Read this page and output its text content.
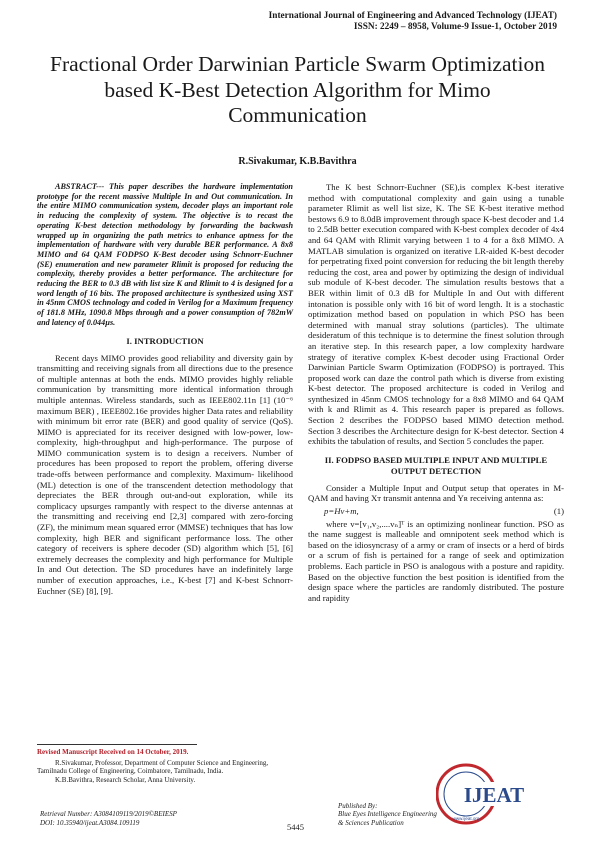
International Journal of Engineering and Advanced Technology (IJEAT)
ISSN: 2249 – 8958, Volume-9 Issue-1, October 2019
Fractional Order Darwinian Particle Swarm Optimization based K-Best Detection Algorithm for Mimo Communication
R.Sivakumar, K.B.Bavithra

ABSTRACT--- This paper describes the hardware implementation prototype for the recent massive Multiple In and Out communication. In the entire MIMO communication system, decoder plays an important role in reducing the complexity of system. The objective is to recast the operating K-best detection methodology by forwarding the backwash wrapped up in organizing the path metrics to enhance aptness for the implementation of hardware with very durable BER performance. A 8x8 MIMO and 64 QAM FODPSO K-Best decoder using Schnorr-Euchner (SE) enumeration and new parameter Rlimit is proposed for reducing the complexity, thereby provides a better performance. The architecture for reducing the BER to 0.3 dB with list size K and Rlimit to 4 is designed for a word length of 16 bits. The proposed architecture is synthesized using XST in 45nm CMOS technology and coded in Verilog for a Maximum frequency of 181.8 MHz, 1090.8 Mbps through and a power consumption of 782mW and latency of 0.044µs.

I. INTRODUCTION

Recent days MIMO provides good reliability and diversity gain by transmitting and receiving signals from all directions due to the presence of multiple antennas at both the ends. MIMO provides highly reliable communication by transmitting more identical information through multiple antennas. Wireless standards, such as IEEE802.11n [1] (10⁻⁶ maximum BER) , IEEE802.16e provides higher Data rates and reliability with minimum bit error rate (BER) and good quality of service (QoS). MIMO is appreciated for its receiver designed with low-power, low-complexity, high-throughput and high-performance. The purpose of MIMO communication system is to design a receivers. Number of procedures has been proposed to report the problem, offering diverse trade-offs between performance and complexity. Maximum- likelihood (ML) detection is one of the transcendent detection methodology that depreciates the BER through out-and-out exploration, while its complicacy upsurges rampantly with respect to the diverse antennas at the transmitting and receiving end [2,3] compared with zero-forcing (ZF), the minimum mean squared error (MMSE) techniques that has low complexity, high BER and significant performance loss. The other category of receivers is sphere decoder (SD) algorithm which [5], [6] extremely decreases the complexity and high performance for Multiple In and Out detection. The SD procedures have an indefinitely large number of execution approaches, i.e., K-best [7] and K-best Schnorr-Euchner (SE) [8], [9].

The K best Schnorr-Euchner (SE),is complex K-best iterative method with computational complexity and gain using a tunable parameter Rlimit as well list size, K. The SE K-best iterative method bestows 6.9 to 8.0dB improvement through space K-best decoder and 1.4 to 2.5dB better execution compared with K-best complex decoder of 4x4 and 64 QAM with Rlimit varying between 1 to 4 for a 8x8 MIMO. A MATLAB simulation is organized on iterative LR-aided K-best decoder for perpetrating fixed point conversion for reducing the bit length thereby reducing the cost, area and power by optimizing the design of individual sub module of K-best decoder. The simulation results bestows that a BER within limit of 0.3 dB for Multiple In and Out with different intonation is possible only with 16 bit of word length. It is a stochastic optimization method based on population in which PSO has been determined with manual stray solutions (particles). The ultimate desideratum of this technique is to determine the finest solution through an iterative step. In this research paper, a low complexity hardware strategy of iterative complex K-best decoder using Fractional Order Darwinian Particle Swarm Optimization (FODPSO) is portrayed. This proposed work can daze the control path which is diverse from existing K-best detector. The proposed architecture is coded in Verilog and synthesized in 45nm CMOS technology for a 8x8 MIMO and 64 QAM with k and Rlimit as 4. This research paper is prepared as follows. Section 2 describes the FODPSO based MIMO detection method. Section 3 describes the Architecture design for K-best detector. Section 4 exhibits the tabulation of results, and Section 5 concludes the paper.

II. FODPSO BASED MULTIPLE INPUT AND MULTIPLE OUTPUT DETECTION

Consider a Multiple Input and Output setup that operates in M-QAM and having Xᴛ transmit antenna and Yʀ receiving antenna as:

p=Hv+m,	(1)

where v=[v₁,v₂,....vₙ]ᵀ is an optimizing nonlinear function. PSO as the name suggest is malleable and omnipotent seek method which is based on the idiosyncrasy of a army or cram of insects or a herd of birds or a scrum of fish is pertained for a range of seek and optimization problems. Each particle in PSO is analogous with a posture and rapidity. Based on the objective function the best position is identified from the design space where the particles are randomly distributed. The posture and rapidity

Revised Manuscript Received on 14 October, 2019.

R.Sivakumar, Professor, Department of Computer Science and Engineering, Tamilnadu College of Engineering, Coimbatore, Tamilnadu, India.

K.B.Bavithra, Research Scholar, Anna University.

Retrieval Number: A3084109119/2019©BEIESP
DOI: 10.35940/ijeat.A3084.109119	5445
Published By:
Blue Eyes Intelligence Engineering
& Sciences Publication
IJEAT
www.ijeat.org
